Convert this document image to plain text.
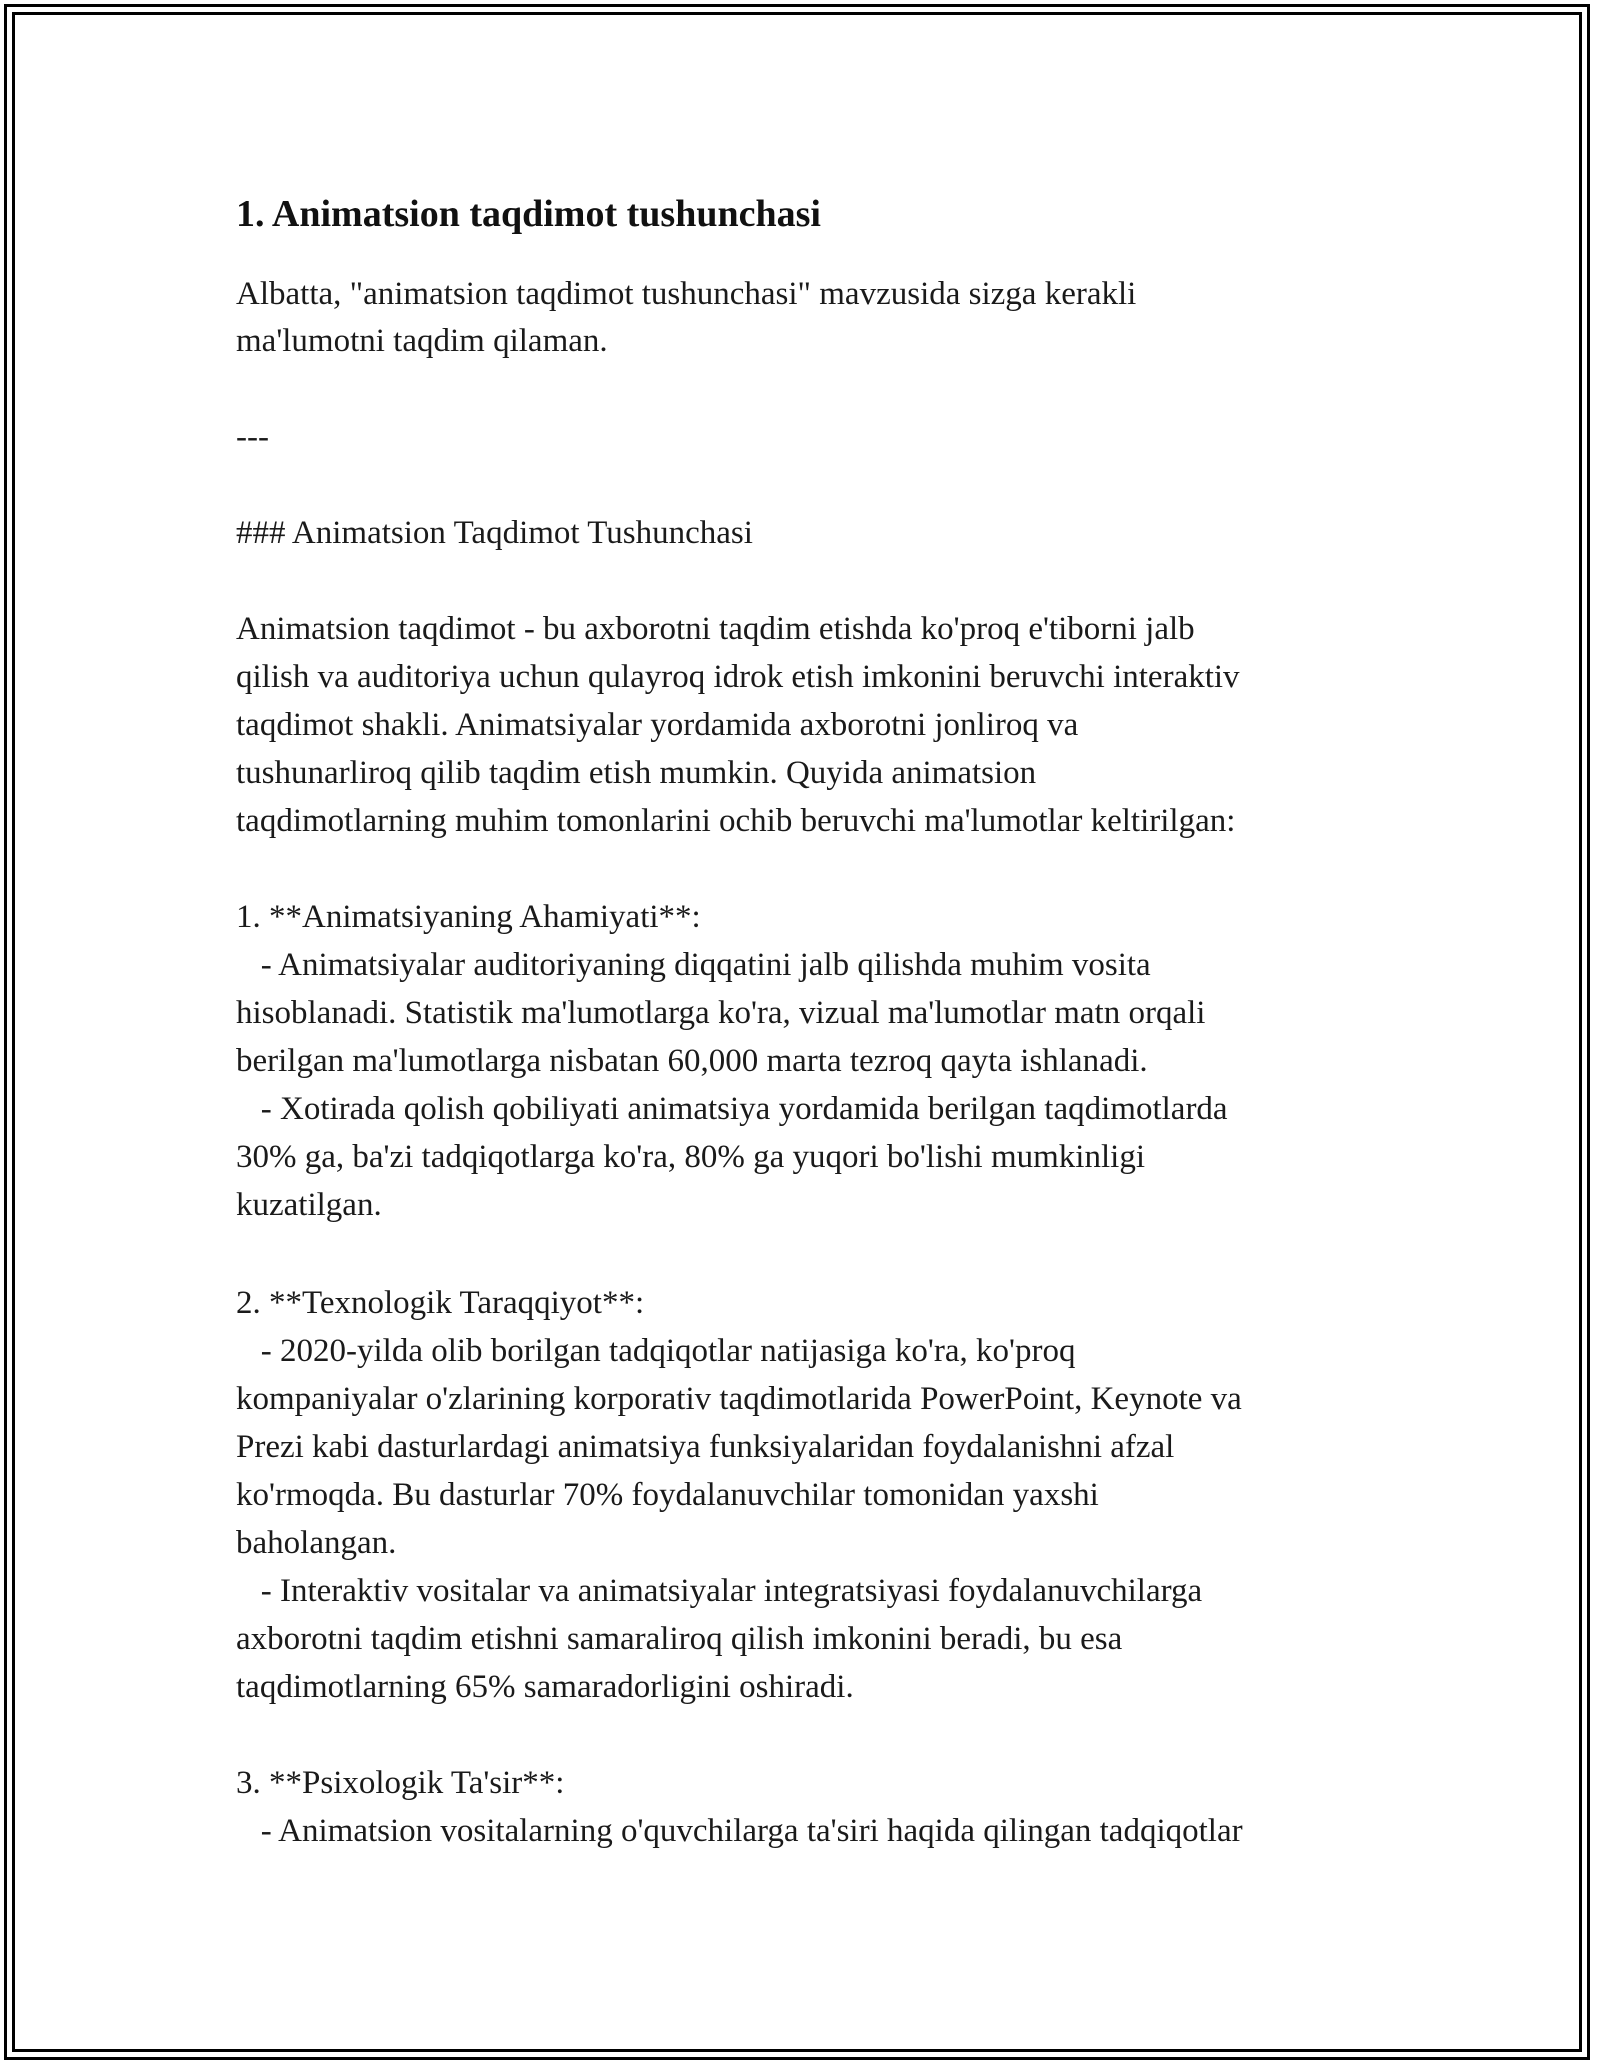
1. Animatsion taqdimot tushunchasi

Albatta, "animatsion taqdimot tushunchasi" mavzusida sizga kerakli

ma'lumotni taqdim qilaman.

---

### Animatsion Taqdimot Tushunchasi

Animatsion taqdimot - bu axborotni taqdim etishda ko'proq e'tiborni jalb

qilish va auditoriya uchun qulayroq idrok etish imkonini beruvchi interaktiv

taqdimot shakli. Animatsiyalar yordamida axborotni jonliroq va

tushunarliroq qilib taqdim etish mumkin. Quyida animatsion

taqdimotlarning muhim tomonlarini ochib beruvchi ma'lumotlar keltirilgan:

1. **Animatsiyaning Ahamiyati**:

- Animatsiyalar auditoriyaning diqqatini jalb qilishda muhim vosita

hisoblanadi. Statistik ma'lumotlarga ko'ra, vizual ma'lumotlar matn orqali

berilgan ma'lumotlarga nisbatan 60,000 marta tezroq qayta ishlanadi.

- Xotirada qolish qobiliyati animatsiya yordamida berilgan taqdimotlarda

30% ga, ba'zi tadqiqotlarga ko'ra, 80% ga yuqori bo'lishi mumkinligi

kuzatilgan.

2. **Texnologik Taraqqiyot**:

- 2020-yilda olib borilgan tadqiqotlar natijasiga ko'ra, ko'proq

kompaniyalar o'zlarining korporativ taqdimotlarida PowerPoint, Keynote va

Prezi kabi dasturlardagi animatsiya funksiyalaridan foydalanishni afzal

ko'rmoqda. Bu dasturlar 70% foydalanuvchilar tomonidan yaxshi

baholangan.

- Interaktiv vositalar va animatsiyalar integratsiyasi foydalanuvchilarga

axborotni taqdim etishni samaraliroq qilish imkonini beradi, bu esa

taqdimotlarning 65% samaradorligini oshiradi.

3. **Psixologik Ta'sir**:

- Animatsion vositalarning o'quvchilarga ta'siri haqida qilingan tadqiqotlar
